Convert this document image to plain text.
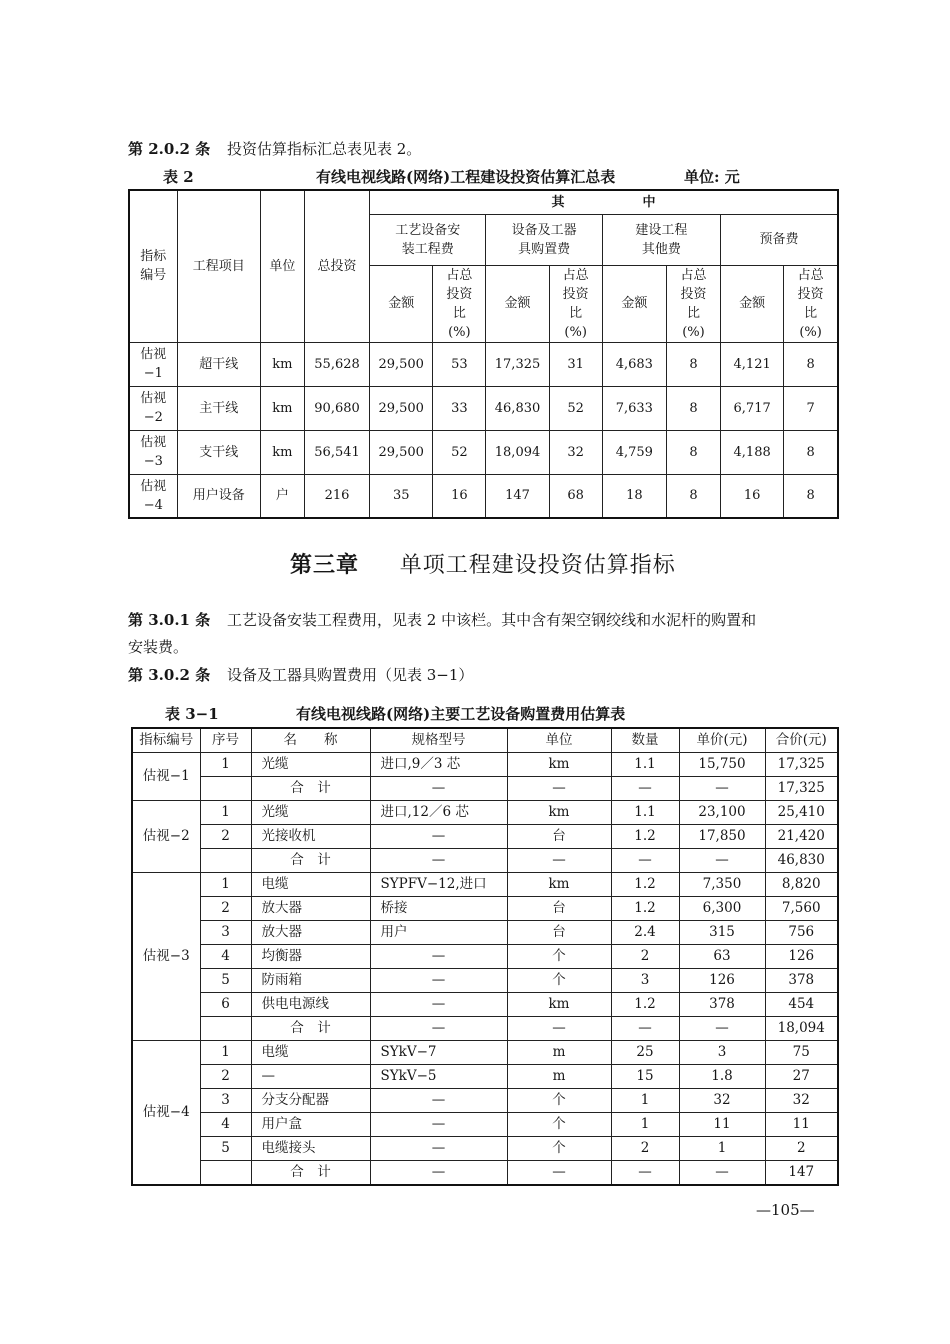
第 2.0.2 条 投资估算指标汇总表见表 2。
表 2	有线电视线路(网络)工程建设投资估算汇总表	单位: 元
指标编号	工程项目	单位	总投资	其　　　　　　中							
				工艺设备安装工程费		设备及工器具购置费		建设工程其他费		预备费	
				金额	占总投资比(%)	金额	占总投资比(%)	金额	占总投资比(%)	金额	占总投资比(%)
估视−1	超干线	km	55,628	29,500	53	17,325	31	4,683	8	4,121	8
估视−2	主干线	km	90,680	29,500	33	46,830	52	7,633	8	6,717	7
估视−3	支干线	km	56,541	29,500	52	18,094	32	4,759	8	4,188	8
估视−4	用户设备	户	216	35	16	147	68	18	8	16	8
第三章 单项工程建设投资估算指标
第 3.0.1 条 工艺设备安装工程费用，见表 2 中该栏。其中含有架空钢绞线和水泥杆的购置和
安装费。
第 3.0.2 条 设备及工器具购置费用（见表 3−1）
表 3−1	有线电视线路(网络)主要工艺设备购置费用估算表
指标编号	序号	名　　称	规格型号	单位	数量	单价(元)	合价(元)
估视−1	1	光缆	进口,9／3 芯	km	1.1	15,750	17,325
		合　计	—	—	—	—	17,325
估视−2	1	光缆	进口,12／6 芯	km	1.1	23,100	25,410
	2	光接收机	—	台	1.2	17,850	21,420
		合　计	—	—	—	—	46,830
估视−3	1	电缆	SYPFV−12,进口	km	1.2	7,350	8,820
	2	放大器	桥接	台	1.2	6,300	7,560
	3	放大器	用户	台	2.4	315	756
	4	均衡器	—	个	2	63	126
	5	防雨箱	—	个	3	126	378
	6	供电电源线	—	km	1.2	378	454
		合　计	—	—	—	—	18,094
估视−4	1	电缆	SYkV−7	m	25	3	75
	2	—	SYkV−5	m	15	1.8	27
	3	分支分配器	—	个	1	32	32
	4	用户盒	—	个	1	11	11
	5	电缆接头	—	个	2	1	2
		合　计	—	—	—	—	147
—105—
